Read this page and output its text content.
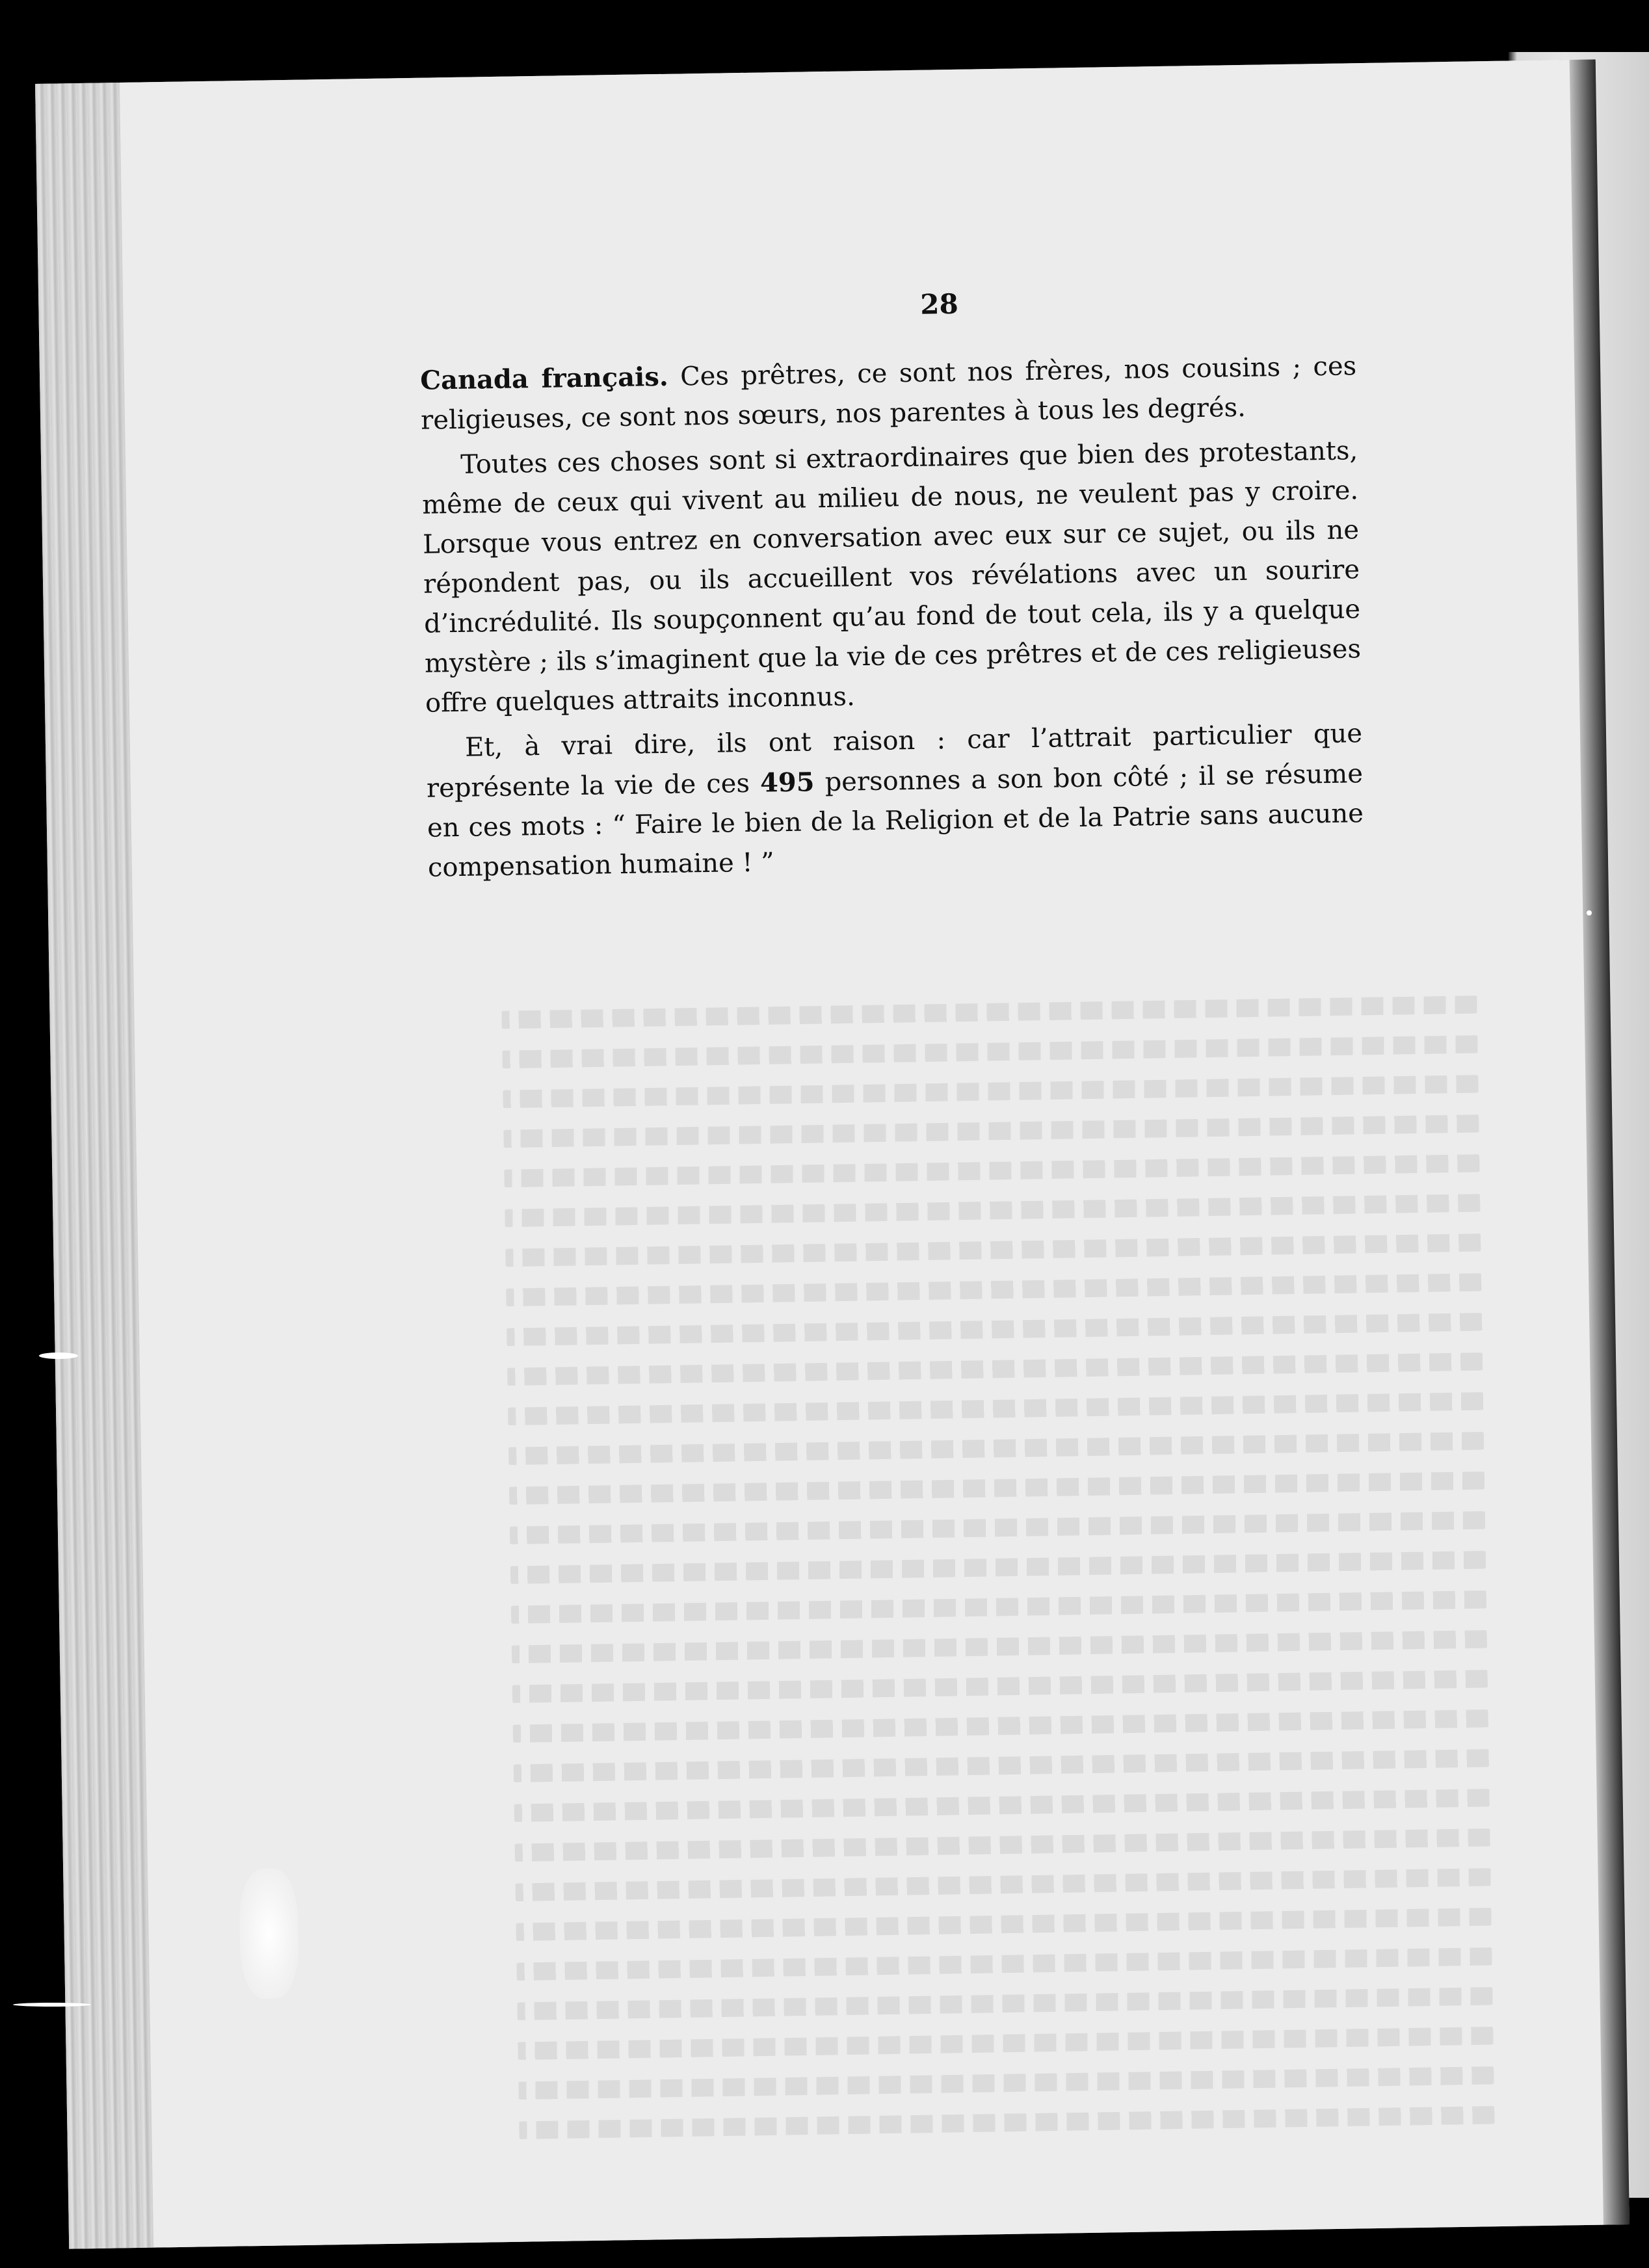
28

Canada français. Ces prêtres, ce sont nos frères, nos cousins ; ces religieuses, ce sont nos sœurs, nos parentes à tous les degrés.

Toutes ces choses sont si extraordinaires que bien des protestants, même de ceux qui vivent au milieu de nous, ne veulent pas y croire. Lorsque vous entrez en conversation avec eux sur ce sujet, ou ils ne répondent pas, ou ils accueillent vos révélations avec un sourire d’incrédulité. Ils soupçonnent qu’au fond de tout cela, ils y a quelque mystère ; ils s’imaginent que la vie de ces prêtres et de ces religieuses offre quelques attraits inconnus.

Et, à vrai dire, ils ont raison : car l’attrait particulier que représente la vie de ces 495 personnes a son bon côté ; il se résume en ces mots : “ Faire le bien de la Religion et de la Patrie sans aucune compensation humaine ! ”
